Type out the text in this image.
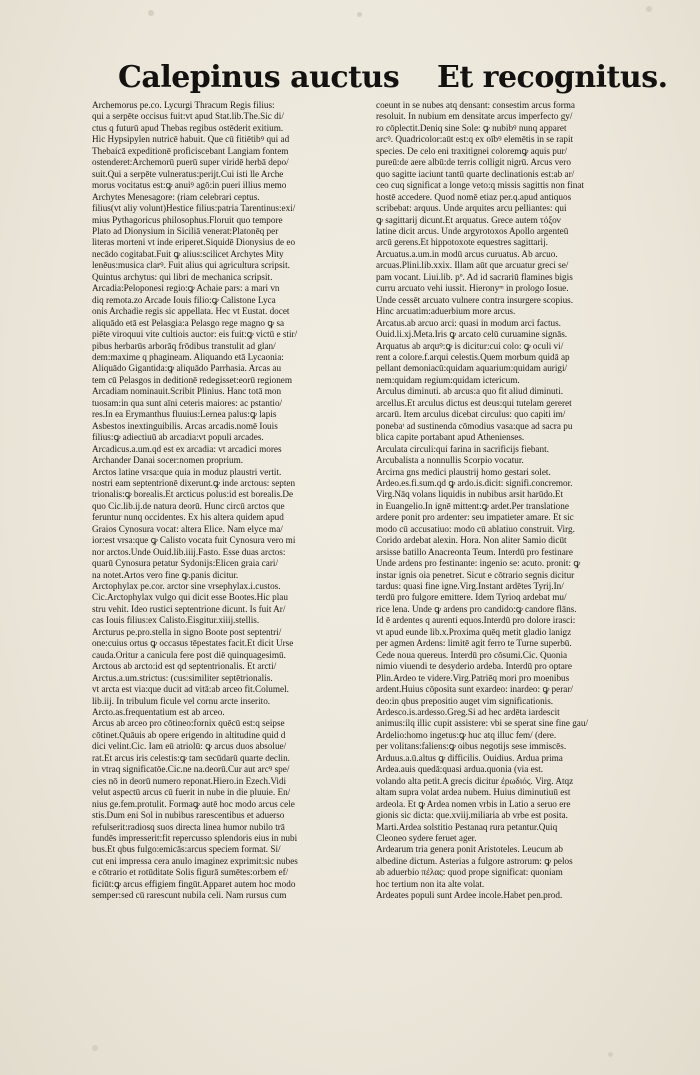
Calepinus auctus Et recognitus.

Archemorus pe.co. Lycurgi Thracum Regis filius:

qui a serpēte occisus fuit:vt apud Stat.lib.The.Sic di/

ctus q futurū apud Thebas regibus ostēderit exitium.

Hic Hypsipylen nutricē habuit. Que cū fitiētibꝰ qui ad

Thebaicā expeditionē proficiscebant Langiam fontem

ostenderet:Archemorū puerū super viridē herbā depo/

suit.Qui a serpēte vulneratus:perijt.Cui isti lle Arche

morus vocitatus est:ꝙ anuiꝰ agō:in pueri illius memo

Archytes Menesagore: (riam celebrari ceptus.

filius(vt aliy volunt)Hestice filius:patria Tarentinus:exi/

mius Pythagoricus philosophus.Floruit quo tempore

Plato ad Dionysium in Siciliā venerat:Platonēq per

literas morteni vt inde eriperet.Siquidē Dionysius de eo

necādo cogitabat.Fuit ꝙ alius:scilicet Archytes Mity

lenēus:musica clarꝰ. Fuit alius qui agricultura scripsit.

Quintus archytus: qui libri de mechanica scripsit.

Arcadia:Peloponesi regio:ꝙ Achaie pars: a mari vn

diq remota.zo Arcade Iouis filio:ꝙ Calistone Lyca

onis Archadie regis sic appellata. Hec vt Eustat. docet

aliquādo etā est Pelasgia:a Pelasgo rege magno ꝙ sa

piēte viroquui vite cultiois auctor: eis fuit:ꝙ victū e stir/

pibus herbarūs arborāq frōdibus transtulit ad glan/

dem:maxime q phagineam. Aliquando etā Lycaonia:

Aliquādo Gigantida:ꝙ aliquādo Parrhasia. Arcas au

tem cū Pelasgos in deditionē redegisset:eorū regionem

Arcadiam nominauit.Scribit Plinius. Hanc totā mon

tuosam:in qua sunt aīni ceteris maiores: ac pstantio/

res.In ea Erymanthus fluuius:Lernea palus:ꝙ lapis

Asbestos inextinguibilis. Arcas arcadis.nomē Iouis

filius:ꝙ adiectiuū ab arcadia:vt populi arcades.

Arcadicus.a.um.qd est ex arcadia: vt arcadici mores

Archander Danai socer:nomen proprium.

Arctos latine vrsa:que quia in moduz plaustri vertit.

nostri eam septentrionē dixerunt.ꝙ inde arctous: septen

trionalis:ꝙ borealis.Et arcticus polus:id est borealis.De

quo Cic.lib.ij.de natura deorū. Hunc circū arctos que

feruntur nunq occidentes. Ex his altera quidem apud

Graios Cynosura vocat: altera Elice. Nam elyce ma/

ior:est vrsa:que ꝙ Calisto vocata fuit Cynosura vero mi

nor arctos.Unde Ouid.lib.iiij.Fasto. Esse duas arctos:

quarū Cynosura petatur Sydonijs:Elicen graia cari/

na notet.Artos vero fine ꝙ.panis dicitur.

Arctophylax pe.cor. arctor sine vrsephylax.i.custos.

Cic.Arctophylax vulgo qui dicit esse Bootes.Hic plau

stru vehit. Ideo rustici septentrione dicunt. Is fuit Ar/

cas Iouis filius:ex Calisto.Eisgitur.xiiij.stellis.

Arcturus pe.pro.stella in signo Boote post septentri/

one:cuius ortus ꝙ occasus tēpestates facit.Et dicit Urse

cauda.Oritur a canicula fere post diē quinquagesimū.

Arctous ab arcto:id est qd septentrionalis. Et arcti/

Arctus.a.um.strictus: (cus:similiter septētrionalis.

vt arcta est via:que ducit ad vitā:ab arceo fit.Columel.

lib.iij. In tribulum ficule vel cornu arcte inserito.

Arcto.as.frequentatium est ab arceo.

Arcus ab arceo pro cōtineo:fornix quēcū est:q seipse

cōtinet.Quāuis ab opere erigendo in altitudine quid d

dici velint.Cic. Iam eū atriolū: ꝙ arcus duos absolue/

rat.Et arcus iris celestis:ꝙ tam secūdarū quarte declin.

in vtraq significatōe.Cic.ne na.deorū.Cur aut arcꝰ spe/

cies nō in deorū numero reponat.Hiero.in Ezech.Vidi

velut aspectū arcus cū fuerit in nube in die pluuie. En/

nius ge.fem.protulit. Formaꝙ autē hoc modo arcus cele

stis.Dum eni Sol in nubibus rarescentibus et aduerso

refulserit:radiosq suos directa linea humor nubilo trā

fundēs impresserit:fit repercusso splendoris eius in nubi

bus.Et qbus fulgo:emicās:arcus speciem format. Si/

cut eni impressa cera anulo imaginez exprimit:sic nubes

e cōtrario et rotūditate Solis figurā sumētes:orbem ef/

ficiūt:ꝙ arcus effigiem fingūt.Apparet autem hoc modo

semper:sed cū rarescunt nubila celi. Nam rursus cum

coeunt in se nubes atq densant: consestim arcus forma

resoluit. In nubium em densitate arcus imperfecto gy/

ro cōplectit.Deniq sine Sole: ꝙ nubibꝰ nunq apparet

arcꝰ. Quadricolor:aūt est:q ex oībꝰ elemētis in se rapit

species. De celo eni traxitignei coloremꝙ aquis pur/

pureū:de aere albū:de terris colligit nigrū. Arcus vero

quo sagitte iaciunt tantū quarte declinationis est:ab ar/

ceo cuq significat a longe veto:q missis sagittis non finat

hostē accedere. Quod nomē etiaz per.q.apud antiquos

scribebat: arquus. Unde arquites arcu pelliantes: qui

ꝙ sagittarij dicunt.Et arquatus. Grece autem τόξον

latine dicit arcus. Unde argyrotoxos Apollo argenteū

arcū gerens.Et hippotoxote equestres sagittarij.

Arcuatus.a.um.in modū arcus curuatus. Ab arcuo.

arcuas.Plini.lib.xxix. Illam aūt que arcuatur greci se/

pam vocant. Liui.lib. pº. Ad id sacrariū flamines bigis

curru arcuato vehi iussit. Hieronyᵐ in prologo Iosue.

Unde cessēt arcuato vulnere contra insurgere scopius.

Hinc arcuatim:aduerbium more arcus.

Arcatus.ab arcuo arci: quasi in modum arci factus.

Ouid.li.xj.Meta.Iris ꝙ arcato celū curuamine signās.

Arquatus ab arquꝰ:ꝙ is dicitur:cui colo: ꝙ oculi vi/

rent a colore.f.arqui celestis.Quem morbum quidā ap

pellant demoniacū:quidam aquarium:quidam aurigi/

nem:quidam regium:quidam ictericum.

Arculus diminuti. ab arcus:a quo fit aliud diminuti.

arcellus.Et arculus dictus est deus:qui tutelam gereret

arcarū. Item arculus dicebat circulus: quo capiti im/

ponebaᵗ ad sustinenda cōmodius vasa:que ad sacra pu

blica capite portabant apud Athenienses.

Arculata circuli:qui farina in sacrificijs fiebant.

Arcubalista a nonnullis Scorpio vocatur.

Arcirna gns medici plaustrij homo gestari solet.

Ardeo.es.fi.sum.qd ꝙ ardo.is.dicit: signifi.concremor.

Virg.Nāq volans liquidis in nubibus arsit harūdo.Et

in Euangelio.In ignē mittent:ꝙ ardet.Per translatione

ardere ponit pro ardenter: seu impatieter amare. Et sic

modo cū accusatiuo: modo cū ablatiuo construit. Virg.

Corido ardebat alexin. Hora. Non aliter Samio dicūt

arsisse batillo Anacreonta Teum. Interdū pro festinare

Unde ardens pro festinante: ingenio se: acuto. pronit: ꝙ

instar ignis oia penetret. Sicut e cōtrario segnis dicitur

tardus: quasi fine igne.Virg.Instant ardētes Tyrij.In/

terdū pro fulgore emittere. Idem Tyrioq ardebat mu/

rice lena. Unde ꝙ ardens pro candido:ꝙ candore flāns.

Id ē ardentes q aurenti equos.Interdū pro dolore irasci:

vt apud eunde lib.x.Proxima quēq metit gladio lanigz

per agmen Ardens: limitē agit ferro te Turne superbū.

Cede noua quereus. Interdū pro cōsumi.Cic. Quonia

nimio viuendi te desyderio ardeba. Interdū pro optare

Plin.Ardeo te videre.Virg.Patriēq mori pro moenibus

ardent.Huius cōposita sunt exardeo: inardeo: ꝙ perar/

deo:in qbus prepositio auget vim significationis.

Ardesco.is.ardesso.Greg.Si ad hec ardēta iardescit

animus:ilq illic cupit assistere: vbi se sperat sine fine gau/

Ardelio:homo ingetus:ꝙ huc atq illuc fem/ (dere.

per volitans:faliens:ꝙ oibus negotijs sese immiscēs.

Arduus.a.ū.altus ꝙ difficilis. Ouidius. Ardua prima

Ardea.auis quedā:quasi ardua.quonia (via est.

volando alta petit.A grecis dicitur ἐρωδιός. Virg. Atqz

altam supra volat ardea nubem. Huius diminutiuū est

ardeola. Et ꝙ Ardea nomen vrbis in Latio a seruo ere

gionis sic dicta: que.xviij.miliaria ab vrbe est posita.

Marti.Ardea solstitio Pestanaq rura petantur.Quiq

Cleoneo sydere feruet ager.

Ardearum tria genera ponit Aristoteles. Leucum ab

albedine dictum. Asterias a fulgore astrorum: ꝙ pelos

ab aduerbio πέλας: quod prope significat: quoniam

hoc tertium non ita alte volat.

Ardeates populi sunt Ardee incole.Habet pen.prod.
